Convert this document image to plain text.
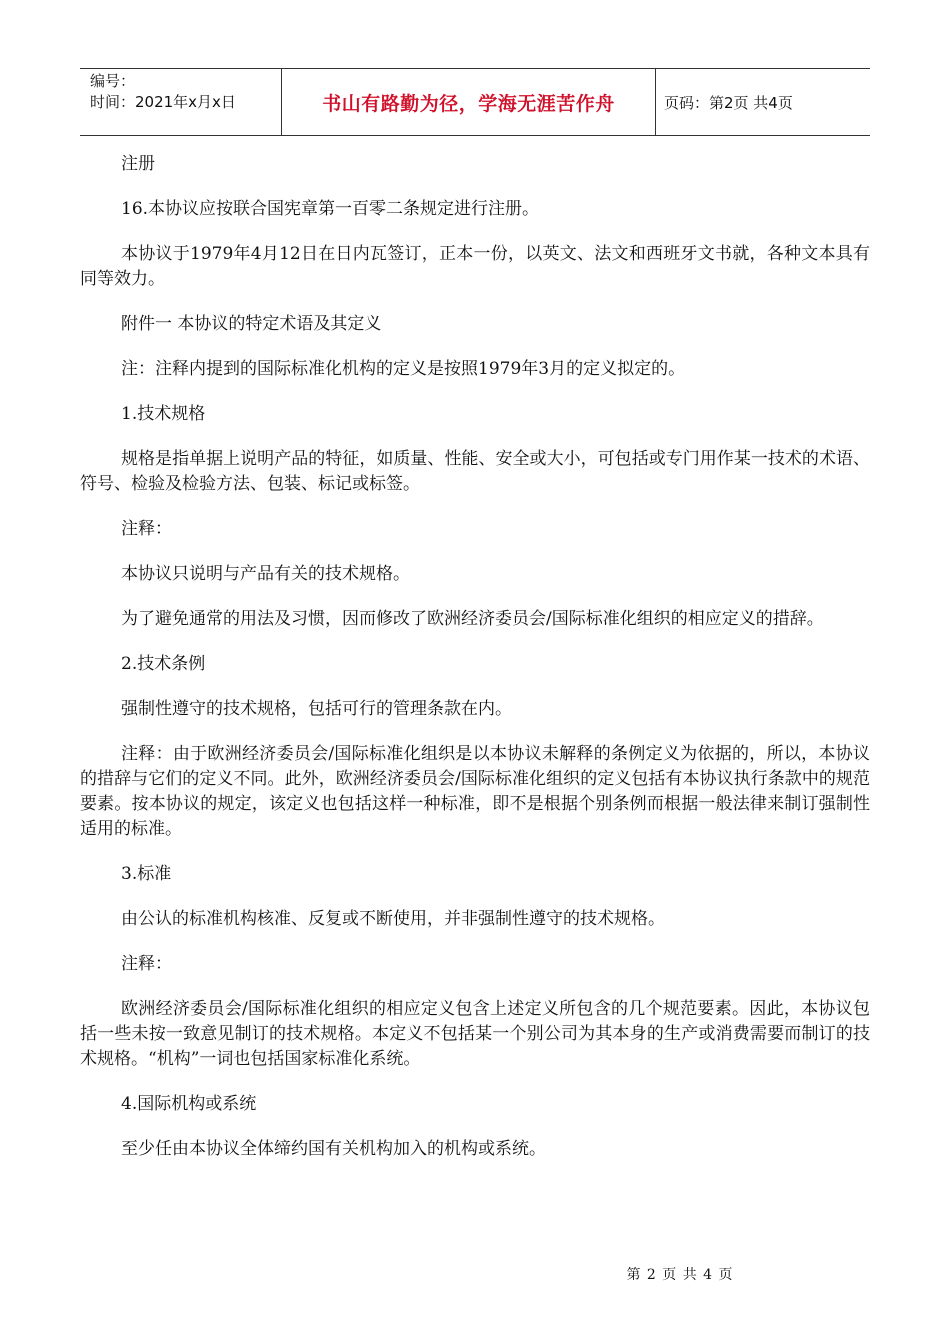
编号：
时间：2021年x月x日	书山有路勤为径，学海无涯苦作舟	页码：第2页 共4页

注册

16.本协议应按联合国宪章第一百零二条规定进行注册。

本协议于1979年4月12日在日内瓦签订，正本一份，以英文、法文和西班牙文书就，各种文本具有同等效力。

附件一 本协议的特定术语及其定义

注：注释内提到的国际标准化机构的定义是按照1979年3月的定义拟定的。

1.技术规格

规格是指单据上说明产品的特征，如质量、性能、安全或大小，可包括或专门用作某一技术的术语、符号、检验及检验方法、包装、标记或标签。

注释：

本协议只说明与产品有关的技术规格。

为了避免通常的用法及习惯，因而修改了欧洲经济委员会/国际标准化组织的相应定义的措辞。

2.技术条例

强制性遵守的技术规格，包括可行的管理条款在内。

注释：由于欧洲经济委员会/国际标准化组织是以本协议未解释的条例定义为依据的，所以，本协议的措辞与它们的定义不同。此外，欧洲经济委员会/国际标准化组织的定义包括有本协议执行条款中的规范要素。按本协议的规定，该定义也包括这样一种标准，即不是根据个别条例而根据一般法律来制订强制性适用的标准。

3.标准

由公认的标准机构核准、反复或不断使用，并非强制性遵守的技术规格。

注释：

欧洲经济委员会/国际标准化组织的相应定义包含上述定义所包含的几个规范要素。因此，本协议包括一些未按一致意见制订的技术规格。本定义不包括某一个别公司为其本身的生产或消费需要而制订的技术规格。“机构”一词也包括国家标准化系统。

4.国际机构或系统

至少任由本协议全体缔约国有关机构加入的机构或系统。

第 2 页 共 4 页
